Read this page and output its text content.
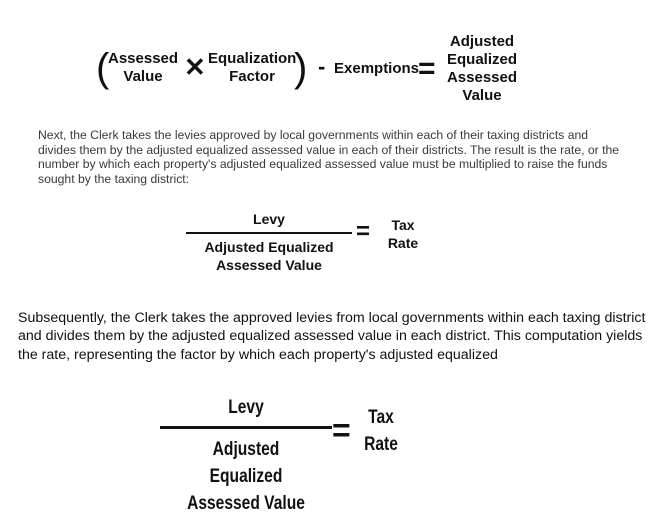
(
Assessed Value ✕ Equalization Factor ) - Exemptions
=
Adjusted Equalized Assessed Value

Next, the Clerk takes the levies approved by local governments within each of their taxing districts and divides them by the adjusted equalized assessed value in each of their districts. The result is the rate, or the number by which each property's adjusted equalized assessed value must be multiplied to raise the funds sought by the taxing district:

Levy
Adjusted Equalized Assessed Value
=	Tax Rate

Subsequently, the Clerk takes the approved levies from local governments within each taxing district and divides them by the adjusted equalized assessed value in each district. This computation yields the rate, representing the factor by which each property's adjusted equalized

Levy
Adjusted Equalized Assessed Value
= Tax Rate
